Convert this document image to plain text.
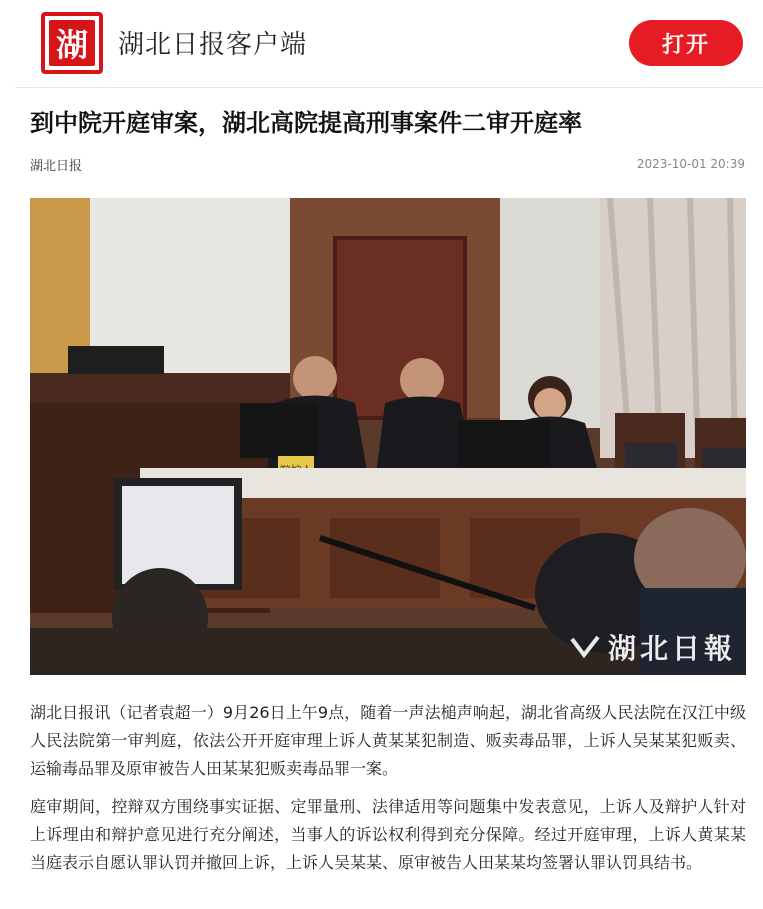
湖 湖北日报客户端	打开
到中院开庭审案，湖北高院提高刑事案件二审开庭率
湖北日报	2023-10-01 20:39
湖北日報
湖北日报讯（记者袁超一）9月26日上午9点，随着一声法槌声响起，湖北省高级人民法院在汉江中级人民法院第一审判庭，依法公开开庭审理上诉人黄某某犯制造、贩卖毒品罪，上诉人吴某某犯贩卖、运输毒品罪及原审被告人田某某犯贩卖毒品罪一案。
庭审期间，控辩双方围绕事实证据、定罪量刑、法律适用等问题集中发表意见，上诉人及辩护人针对上诉理由和辩护意见进行充分阐述，当事人的诉讼权利得到充分保障。经过开庭审理，上诉人黄某某当庭表示自愿认罪认罚并撤回上诉，上诉人吴某某、原审被告人田某某均签署认罪认罚具结书。
